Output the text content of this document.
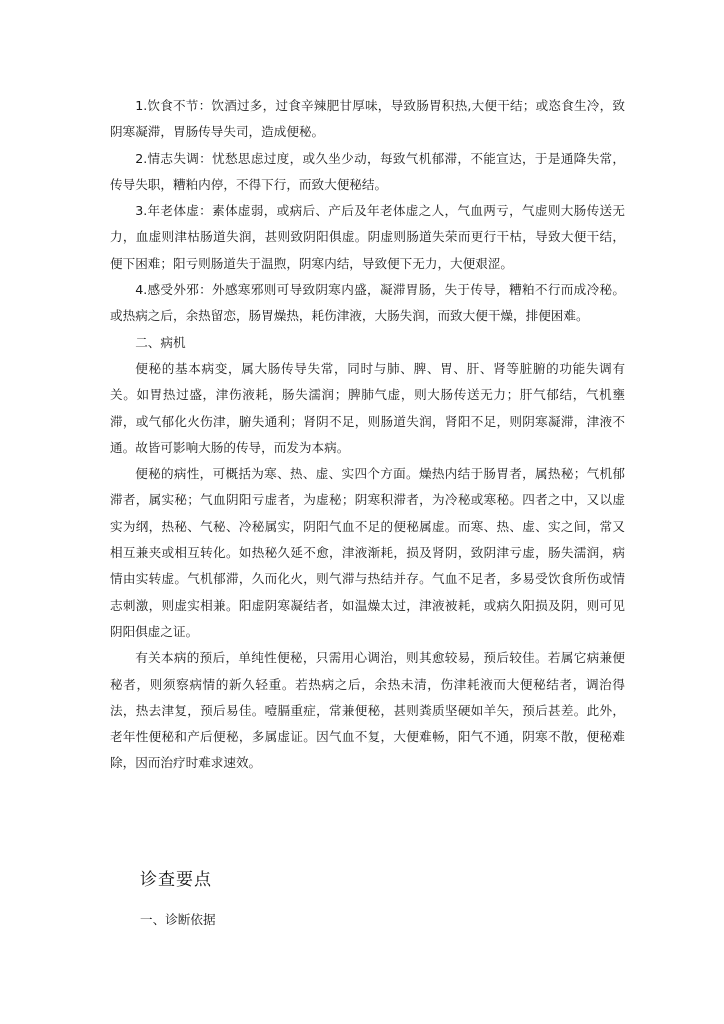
1.饮食不节：饮酒过多，过食辛辣肥甘厚味，导致肠胃积热,大便干结；或恣食生冷，致阴寒凝滞，胃肠传导失司，造成便秘。

2.情志失调：忧愁思虑过度，或久坐少动，每致气机郁滞，不能宣达，于是通降失常，传导失职，糟粕内停，不得下行，而致大便秘结。

3.年老体虚：素体虚弱，或病后、产后及年老体虚之人，气血两亏，气虚则大肠传送无力，血虚则津枯肠道失润，甚则致阴阳俱虚。阴虚则肠道失荣而更行干枯，导致大便干结，便下困难；阳亏则肠道失于温煦，阴寒内结，导致便下无力，大便艰涩。

4.感受外邪：外感寒邪则可导致阴寒内盛，凝滞胃肠，失于传导，糟粕不行而成冷秘。或热病之后，余热留恋，肠胃燥热，耗伤津液，大肠失润，而致大便干燥，排便困难。

二、病机

便秘的基本病变，属大肠传导失常，同时与肺、脾、胃、肝、肾等脏腑的功能失调有关。如胃热过盛，津伤液耗，肠失濡润；脾肺气虚，则大肠传送无力；肝气郁结，气机壅滞，或气郁化火伤津，腑失通利；肾阴不足，则肠道失润，肾阳不足，则阴寒凝滞，津液不通。故皆可影响大肠的传导，而发为本病。

便秘的病性，可概括为寒、热、虚、实四个方面。燥热内结于肠胃者，属热秘；气机郁滞者，属实秘；气血阴阳亏虚者，为虚秘；阴寒积滞者，为冷秘或寒秘。四者之中，又以虚实为纲，热秘、气秘、冷秘属实，阴阳气血不足的便秘属虚。而寒、热、虚、实之间，常又相互兼夹或相互转化。如热秘久延不愈，津液渐耗，损及肾阴，致阴津亏虚，肠失濡润，病情由实转虚。气机郁滞，久而化火，则气滞与热结并存。气血不足者，多易受饮食所伤或情志刺激，则虚实相兼。阳虚阴寒凝结者，如温燥太过，津液被耗，或病久阳损及阴，则可见阴阳俱虚之证。

有关本病的预后，单纯性便秘，只需用心调治，则其愈较易，预后较佳。若属它病兼便秘者，则须察病情的新久轻重。若热病之后，余热未清，伤津耗液而大便秘结者，调治得法，热去津复，预后易佳。噎膈重症，常兼便秘，甚则粪质坚硬如羊矢，预后甚差。此外，老年性便秘和产后便秘，多属虚证。因气血不复，大便难畅，阳气不通，阴寒不散，便秘难除，因而治疗时难求速效。

诊查要点
一、诊断依据
